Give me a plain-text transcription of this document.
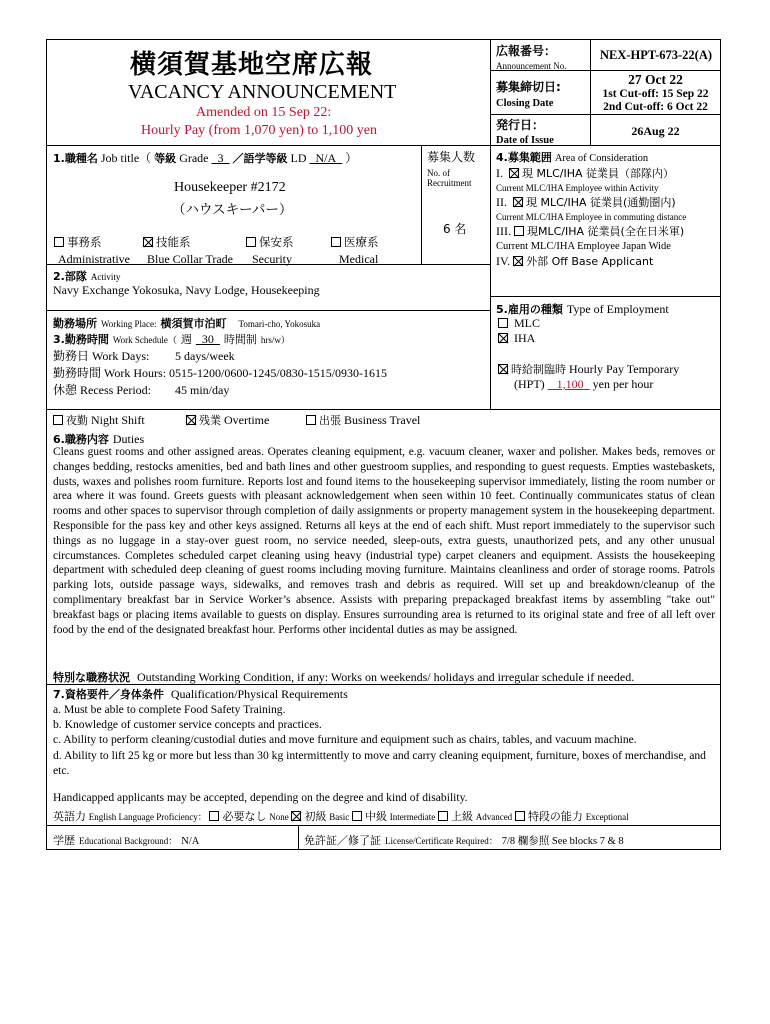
横須賀基地空席広報
VACANCY ANNOUNCEMENT
Amended on 15 Sep 22:
Hourly Pay (from 1,070 yen) to 1,100 yen
広報番号：
Announcement No.
NEX-HPT-673-22(A)
募集締切日:
Closing Date
27 Oct 22
1st Cut-off: 15 Sep 22
2nd Cut-off: 6 Oct 22
発行日：
Date of Issue
26Aug 22
1.職種名 Job title（ 等級 Grade 3 ／語学等級 LD N/A ）
Housekeeper #2172
（ハウスキーパー）
事務系
Administrative
技能系
Blue Collar Trade
保安系
Security
医療系
Medical
募集人数
No. of
Recruitment
6 名
4.募集範囲 Area of Consideration
I. 現 MLC/IHA 従業員（部隊内）
Current MLC/IHA Employee within Activity
II. 現 MLC/IHA 従業員(通勤圏内)
Current MLC/IHA Employee in commuting distance
III. 現MLC/IHA 従業員(全在日米軍)
Current MLC/IHA Employee Japan Wide
IV. 外部 Off Base Applicant
2.部隊 Activity
Navy Exchange Yokosuka, Navy Lodge, Housekeeping
勤務場所 Working Place: 横須賀市泊町 Tomari-cho, Yokosuka
3.勤務時間 Work Schedule（ 週 30 時間制 hrs/w）
勤務日 Work Days: 5 days/week
勤務時間 Work Hours: 0515-1200/0600-1245/0830-1515/0930-1615
休憩 Recess Period: 45 min/day
夜勤 Night Shift	残業 Overtime	出張 Business Travel
5.雇用の種類 Type of Employment
MLC
IHA
時給制臨時 Hourly Pay Temporary
(HPT) 1,100 yen per hour
6.職務内容 Duties
Cleans guest rooms and other assigned areas. Operates cleaning equipment, e.g. vacuum cleaner, waxer and polisher. Makes beds, removes or changes bedding, restocks amenities, bed and bath lines and other guestroom supplies, and responding to guest requests. Empties wastebaskets, dusts, waxes and polishes room furniture. Reports lost and found items to the housekeeping supervisor immediately, listing the room number or area where it was found. Greets guests with pleasant acknowledgement when seen within 10 feet. Continually communicates status of clean rooms and other spaces to supervisor through completion of daily assignments or property management system in the housekeeping department. Responsible for the pass key and other keys assigned. Returns all keys at the end of each shift. Must report immediately to the supervisor such things as no luggage in a stay-over guest room, no service needed, sleep-outs, extra guests, unauthorized pets, and any other unusual circumstances. Completes scheduled carpet cleaning using heavy (industrial type) carpet cleaners and equipment. Assists the housekeeping department with scheduled deep cleaning of guest rooms including moving furniture. Maintains cleanliness and order of storage rooms. Patrols parking lots, outside passage ways, sidewalks, and removes trash and debris as required. Will set up and breakdown/cleanup of the complimentary breakfast bar in Service Worker’s absence. Assists with preparing prepackaged breakfast items by assembling "take out" breakfast bags or placing items available to guests on display. Ensures surrounding area is returned to its original state and free of all left over food by the end of the designated breakfast hour. Performs other incidental duties as may be assigned.
特別な職務状況 Outstanding Working Condition, if any: Works on weekends/ holidays and irregular schedule if needed.
7.資格要件／身体条件 Qualification/Physical Requirements
a. Must be able to complete Food Safety Training.
b. Knowledge of customer service concepts and practices.
c. Ability to perform cleaning/custodial duties and move furniture and equipment such as chairs, tables, and vacuum machine.
d. Ability to lift 25 kg or more but less than 30 kg intermittently to move and carry cleaning equipment, furniture, boxes of merchandise, and etc.
Handicapped applicants may be accepted, depending on the degree and kind of disability.
英語力 English Language Proficiency： 必要なし None 初級 Basic 中級 Intermediate 上級 Advanced 特段の能力 Exceptional
学歴 Educational Background： N/A	免許証／修了証 License/Certificate Required： 7/8 欄参照 See blocks 7 & 8
